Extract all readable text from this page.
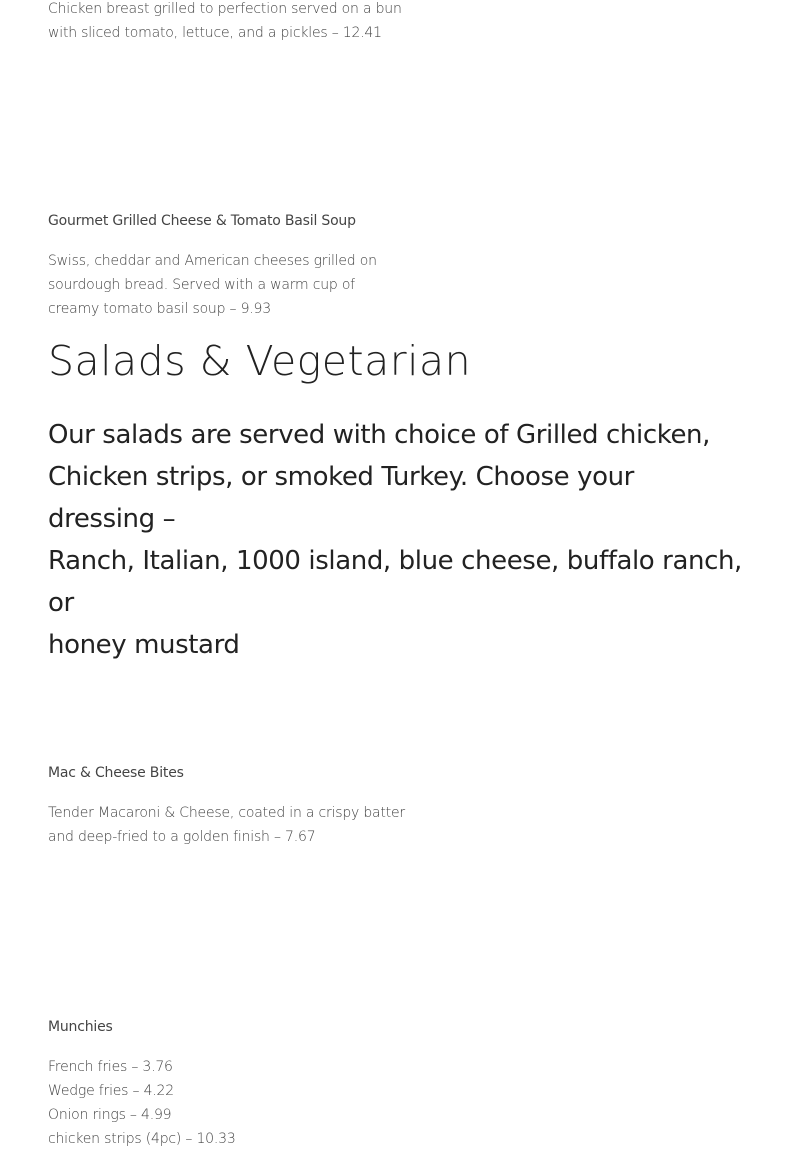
Chicken breast grilled to perfection served on a bun
with sliced tomato, lettuce, and a pickles – 12.41
Gourmet Grilled Cheese & Tomato Basil Soup
Swiss, cheddar and American cheeses grilled on
sourdough bread. Served with a warm cup of
creamy tomato basil soup – 9.93
Salads & Vegetarian
Our salads are served with choice of Grilled chicken,
Chicken strips, or smoked Turkey. Choose your dressing –
Ranch, Italian, 1000 island, blue cheese, buffalo ranch, or
honey mustard
Mac & Cheese Bites
Tender Macaroni & Cheese, coated in a crispy batter
and deep-fried to a golden finish – 7.67
Munchies
French fries – 3.76
Wedge fries – 4.22
Onion rings – 4.99
chicken strips (4pc) – 10.33
